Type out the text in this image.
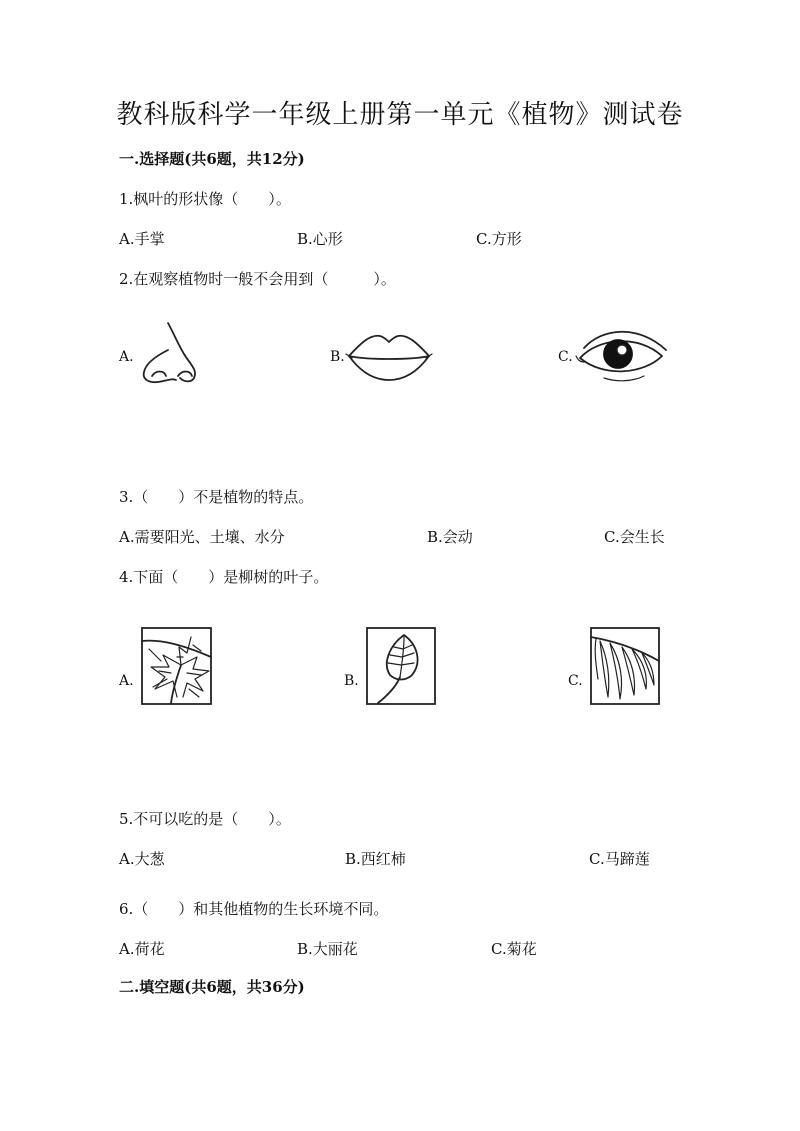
教科版科学一年级上册第一单元《植物》测试卷
一.选择题(共6题，共12分)
1.枫叶的形状像（　　）。
A.手掌	B.心形	C.方形
2.在观察植物时一般不会用到（　　　）。
A.	B.	C.
3.（　　）不是植物的特点。
A.需要阳光、土壤、水分	B.会动	C.会生长
4.下面（　　）是柳树的叶子。
A.	B.	C.
5.不可以吃的是（　　）。
A.大葱	B.西红柿	C.马蹄莲
6.（　　）和其他植物的生长环境不同。
A.荷花	B.大丽花	C.菊花
二.填空题(共6题，共36分)
